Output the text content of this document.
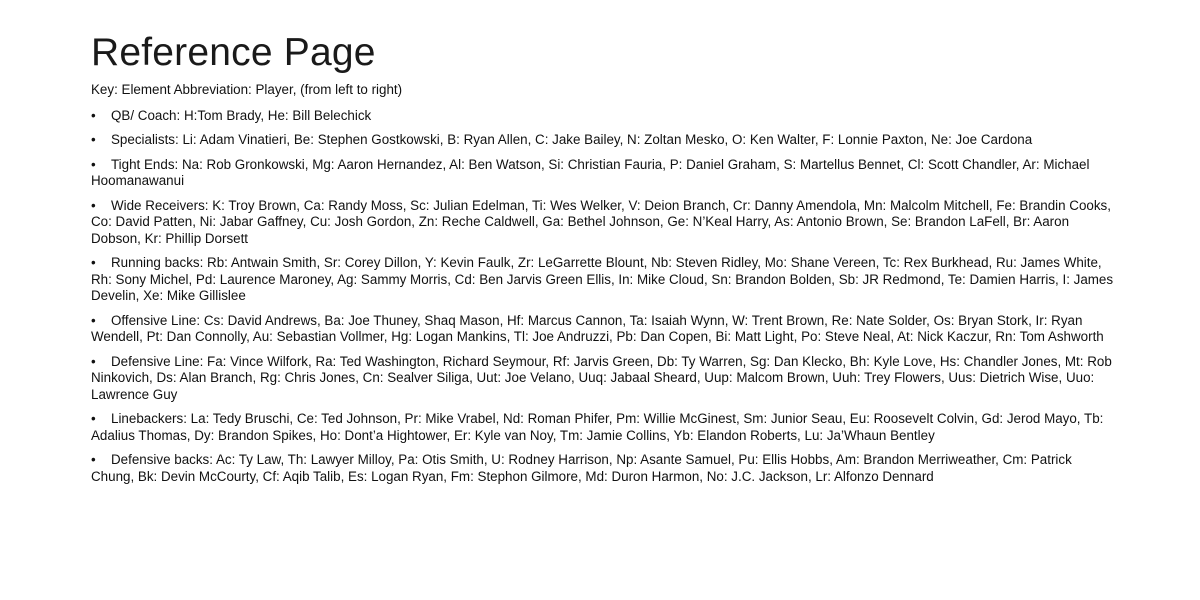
Reference Page

Key: Element Abbreviation: Player, (from left to right)

• QB/ Coach: H:Tom Brady, He: Bill Belechick
• Specialists: Li: Adam Vinatieri, Be: Stephen Gostkowski, B: Ryan Allen, C: Jake Bailey, N: Zoltan Mesko, O: Ken Walter, F: Lonnie Paxton, Ne: Joe Cardona
• Tight Ends: Na: Rob Gronkowski, Mg: Aaron Hernandez, Al: Ben Watson, Si: Christian Fauria, P: Daniel Graham, S: Martellus Bennet, Cl: Scott Chandler, Ar: Michael Hoomanawanui
• Wide Receivers: K: Troy Brown, Ca: Randy Moss, Sc: Julian Edelman, Ti: Wes Welker, V: Deion Branch, Cr: Danny Amendola, Mn: Malcolm Mitchell, Fe: Brandin Cooks, Co: David Patten, Ni: Jabar Gaffney, Cu: Josh Gordon, Zn: Reche Caldwell, Ga: Bethel Johnson, Ge: N’Keal Harry, As: Antonio Brown, Se: Brandon LaFell, Br: Aaron Dobson, Kr: Phillip Dorsett
• Running backs: Rb: Antwain Smith, Sr: Corey Dillon, Y: Kevin Faulk, Zr: LeGarrette Blount, Nb: Steven Ridley, Mo: Shane Vereen, Tc: Rex Burkhead, Ru: James White, Rh: Sony Michel, Pd: Laurence Maroney, Ag: Sammy Morris, Cd: Ben Jarvis Green Ellis, In: Mike Cloud, Sn: Brandon Bolden, Sb: JR Redmond, Te: Damien Harris, I: James Develin, Xe: Mike Gillislee
• Offensive Line: Cs: David Andrews, Ba: Joe Thuney, Shaq Mason, Hf: Marcus Cannon, Ta: Isaiah Wynn, W: Trent Brown, Re: Nate Solder, Os: Bryan Stork, Ir: Ryan Wendell, Pt: Dan Connolly, Au: Sebastian Vollmer, Hg: Logan Mankins, Tl: Joe Andruzzi, Pb: Dan Copen, Bi: Matt Light, Po: Steve Neal, At: Nick Kaczur, Rn: Tom Ashworth
• Defensive Line: Fa: Vince Wilfork, Ra: Ted Washington, Richard Seymour, Rf: Jarvis Green, Db: Ty Warren, Sg: Dan Klecko, Bh: Kyle Love, Hs: Chandler Jones, Mt: Rob Ninkovich, Ds: Alan Branch, Rg: Chris Jones, Cn: Sealver Siliga, Uut: Joe Velano, Uuq: Jabaal Sheard, Uup: Malcom Brown, Uuh: Trey Flowers, Uus: Dietrich Wise, Uuo: Lawrence Guy
• Linebackers: La: Tedy Bruschi, Ce: Ted Johnson, Pr: Mike Vrabel, Nd: Roman Phifer, Pm: Willie McGinest, Sm: Junior Seau, Eu: Roosevelt Colvin, Gd: Jerod Mayo, Tb: Adalius Thomas, Dy: Brandon Spikes, Ho: Dont’a Hightower, Er: Kyle van Noy, Tm: Jamie Collins, Yb: Elandon Roberts, Lu: Ja’Whaun Bentley
• Defensive backs: Ac: Ty Law, Th: Lawyer Milloy, Pa: Otis Smith, U: Rodney Harrison, Np: Asante Samuel, Pu: Ellis Hobbs, Am: Brandon Merriweather, Cm: Patrick Chung, Bk: Devin McCourty, Cf: Aqib Talib, Es: Logan Ryan, Fm: Stephon Gilmore, Md: Duron Harmon, No: J.C. Jackson, Lr: Alfonzo Dennard
